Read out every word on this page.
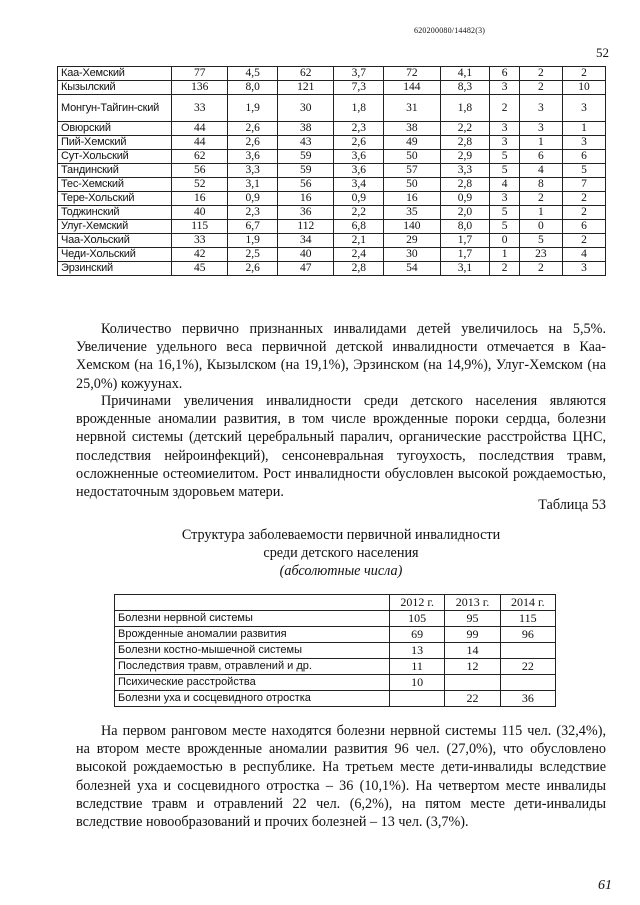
620200080/14482(3)
52
Каа-Хемский	77	4,5	62	3,7	72	4,1	6	2	2
Кызылский	136	8,0	121	7,3	144	8,3	3	2	10
Монгун-Тайгин-ский	33	1,9	30	1,8	31	1,8	2	3	3
Овюрский	44	2,6	38	2,3	38	2,2	3	3	1
Пий-Хемский	44	2,6	43	2,6	49	2,8	3	1	3
Сут-Хольский	62	3,6	59	3,6	50	2,9	5	6	6
Тандинский	56	3,3	59	3,6	57	3,3	5	4	5
Тес-Хемский	52	3,1	56	3,4	50	2,8	4	8	7
Тере-Хольский	16	0,9	16	0,9	16	0,9	3	2	2
Тоджинский	40	2,3	36	2,2	35	2,0	5	1	2
Улуг-Хемский	115	6,7	112	6,8	140	8,0	5	0	6
Чаа-Хольский	33	1,9	34	2,1	29	1,7	0	5	2
Чеди-Хольский	42	2,5	40	2,4	30	1,7	1	23	4
Эрзинский	45	2,6	47	2,8	54	3,1	2	2	3
Количество первично признанных инвалидами детей увеличилось на 5,5%. Увеличение удельного веса первичной детской инвалидности отмечается в Каа-Хемском (на 16,1%), Кызылском (на 19,1%), Эрзинском (на 14,9%), Улуг-Хемском (на 25,0%) кожуунах.
Причинами увеличения инвалидности среди детского населения являются врожденные аномалии развития, в том числе врожденные пороки сердца, болезни нервной системы (детский церебральный паралич, органические расстройства ЦНС, последствия нейроинфекций), сенсоневральная тугоухость, последствия травм, осложненные остеомиелитом. Рост инвалидности обусловлен высокой рождаемостью, недостаточным здоровьем матери.
Таблица 53
Структура заболеваемости первичной инвалидности
среди детского населения
(абсолютные числа)
	2012 г.	2013 г.	2014 г.
Болезни нервной системы	105	95	115
Врожденные аномалии развития	69	99	96
Болезни костно-мышечной системы	13	14	
Последствия травм, отравлений и др.	11	12	22
Психические расстройства	10		
Болезни уха и сосцевидного отростка		22	36
На первом ранговом месте находятся болезни нервной системы 115 чел. (32,4%), на втором месте врожденные аномалии развития 96 чел. (27,0%), что обусловлено высокой рождаемостью в республике. На третьем месте дети-инвалиды вследствие болезней уха и сосцевидного отростка – 36 (10,1%). На четвертом месте инвалиды вследствие травм и отравлений 22 чел. (6,2%), на пятом месте дети-инвалиды вследствие новообразований и прочих болезней – 13 чел. (3,7%).
61
